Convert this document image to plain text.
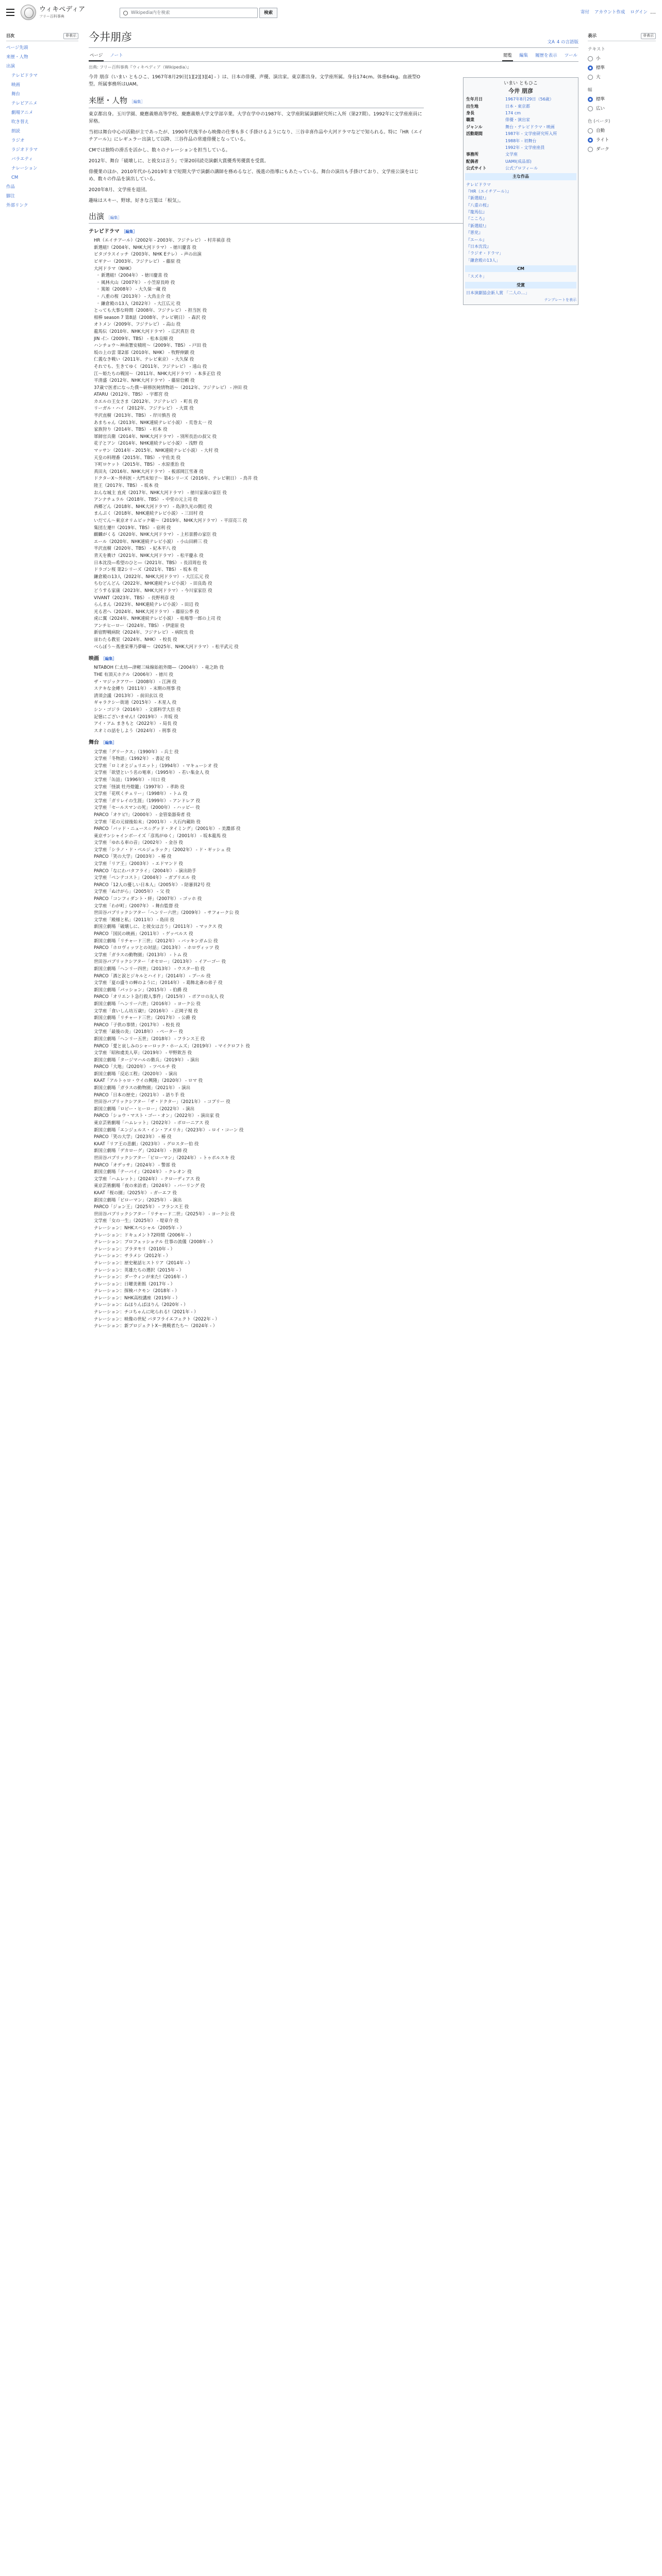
ウィキペディア
フリー百科事典
Wikipedia内を検索	検索	寄付 アカウント作成 ログイン ⋯
目次	非表示
ページ先頭
来歴・人物
出演
テレビドラマ
映画
舞台
テレビアニメ
劇場アニメ
吹き替え
朗読
ラジオ
ラジオドラマ
バラエティ
ナレーション
CM
作品
脚注
外部リンク
表示	非表示
テキスト
小
標準
大
幅
標準
広い
色 (ベータ)
自動
ライト
ダーク
今井朋彦	文A 4 の言語版
ページ ノート	閲覧 編集 履歴を表示 ツール
出典: フリー百科事典『ウィキペディア（Wikipedia）』
いまい ともひこ
今井 朋彦
生年月日	1967年8月29日（56歳）
出生地	日本・東京都
身長	174 cm
職業	俳優・演出家
ジャンル	舞台・テレビドラマ・映画
活動期間	1987年 - 文学座研究所入所
1988年 - 初舞台
1992年 - 文学座座員
事務所	文学座
配偶者	UAMI(成品部)
公式サイト	公式プロフィール
主な作品
テレビドラマ
『HR（エイチアール）』
『新選組!』
『八重の桜』
『龍馬伝』
『こころ』
『新選組!』
『悪党』
『エール』
『日本沈没』
「ラジオ・ドラマ」
「鎌倉殿の13人」
CM
「スズキ」
受賞
日本演劇協会新人賞 「二人の…」
テンプレートを表示

今井 朋彦（いまい ともひこ、1967年8月29日[1][2][3][4] - ）は、日本の俳優、声優、演出家。東京都出身。文学座所属。身長174cm。体重64kg。血液型O型。所属事務所はUAM。

来歴・人物 ［編集］

東京都出身。玉川学園、慶應義塾高等学校、慶應義塾大学文学部卒業。大学在学中の1987年、文学座附属演劇研究所に入所（第27期）。1992年に文学座座員に昇格。

当初は舞台中心の活動が主であったが、1990年代後半から映像の仕事も多く手掛けるようになり、三谷幸喜作品や大河ドラマなどで知られる。特に『HR（エイチアール）』にレギュラー出演して以降、三谷作品の常連俳優となっている。

CMでは独特の滑舌を活かし、数々のナレーションを担当している。

2012年、舞台「破壊しに、と彼女は言う」で第20回読売演劇大賞優秀男優賞を受賞。

俳優業のほか、2010年代から2019年まで短期大学で演劇の講師を務めるなど、後進の指導にもあたっている。舞台の演出も手掛けており、文学座公演をはじめ、数々の作品を演出している。

2020年8月、文学座を退団。

趣味はスキー、野球。好きな言葉は「根気」。

出演 ［編集］
テレビドラマ ［編集］
• HR（エイチアール）（2002年 - 2003年、フジテレビ） - 村井禎彦 役
• 新選組!（2004年、NHK大河ドラマ） - 徳川慶喜 役
• ピタゴラスイッチ（2003年、NHK Eテレ） - 声の出演
• ビギナー（2003年、フジテレビ） - 藤原 役
• 大河ドラマ（NHK）
◦ 新選組!（2004年） - 徳川慶喜 役
◦ 風林火山（2007年） - 小笠原長時 役
◦ 篤姫（2008年） - 大久保一蔵 役
◦ 八重の桜（2013年） - 大鳥圭介 役
◦ 鎌倉殿の13人（2022年） - 大江広元 役
• とっても大事な時間（2008年、フジテレビ） - 担当医 役
• 相棒 season 7 第8話（2008年、テレビ朝日） - 森沢 役
• オトメン（2009年、フジテレビ） - 高山 役
• 龍馬伝（2010年、NHK大河ドラマ） - 広沢真臣 役
• JIN -仁-（2009年、TBS） - 松本良順 役
• ハンチョウ〜神南署安積班〜（2009年、TBS） - 戸田 役
• 坂の上の雲 第2部（2010年、NHK） - 牧野伸顕 役
• 仁義なき戦い（2011年、テレビ東京） - 大久保 役
• それでも、生きてゆく（2011年、フジテレビ） - 遠山 役
• 江〜姫たちの戦国〜（2011年、NHK大河ドラマ） - 本多正信 役
• 平清盛（2012年、NHK大河ドラマ） - 藤原信頼 役
• 37歳で医者になった僕〜研修医純情物語〜（2012年、フジテレビ） - 沖田 役
• ATARU（2012年、TBS） - 宇都宮 役
• カエルの王女さま（2012年、フジテレビ） - 町長 役
• リーガル・ハイ（2012年、フジテレビ） - 大貫 役
• 半沢直樹（2013年、TBS） - 岸川慎吾 役
• あまちゃん（2013年、NHK連続テレビ小説） - 荒巻太一 役
• 家族狩り（2014年、TBS） - 杉本 役
• 軍師官兵衛（2014年、NHK大河ドラマ） - 別所長治の叔父 役
• 花子とアン（2014年、NHK連続テレビ小説） - 浅野 役
• マッサン（2014年 - 2015年、NHK連続テレビ小説） - 大村 役
• 天皇の料理番（2015年、TBS） - 宇佐美 役
• 下町ロケット（2015年、TBS） - 水原重治 役
• 真田丸（2016年、NHK大河ドラマ） - 板部岡江雪斎 役
• ドクターX〜外科医・大門未知子〜 第4シリーズ（2016年、テレビ朝日） - 鳥井 役
• 陸王（2017年、TBS） - 坂本 役
• おんな城主 直虎（2017年、NHK大河ドラマ） - 徳川家康の家臣 役
• アンナチュラル（2018年、TBS） - 中堂の元上司 役
• 西郷どん（2018年、NHK大河ドラマ） - 島津久光の側近 役
• まんぷく（2018年、NHK連続テレビ小説） - 三田村 役
• いだてん〜東京オリムピック噺〜（2019年、NHK大河ドラマ） - 平沼亮三 役
• 集団左遷!!（2019年、TBS） - 宿利 役
• 麒麟がくる（2020年、NHK大河ドラマ） - 上杉景勝の家臣 役
• エール（2020年、NHK連続テレビ小説） - 小山田耕三 役
• 半沢直樹（2020年、TBS） - 紀本平八 役
• 青天を衝け（2021年、NHK大河ドラマ） - 松平慶永 役
• 日本沈没―希望のひと―（2021年、TBS） - 長沼周也 役
• ドラゴン桜 第2シリーズ（2021年、TBS） - 坂本 役
• 鎌倉殿の13人（2022年、NHK大河ドラマ） - 大江広元 役
• ちむどんどん（2022年、NHK連続テレビ小説） - 田良島 役
• どうする家康（2023年、NHK大河ドラマ） - 今川家家臣 役
• VIVANT（2023年、TBS） - 長野利彦 役
• らんまん（2023年、NHK連続テレビ小説） - 田辺 役
• 光る君へ（2024年、NHK大河ドラマ） - 藤原公季 役
• 虎に翼（2024年、NHK連続テレビ小説） - 桂場等一郎の上司 役
• アンチヒーロー（2024年、TBS） - 伊達原 役
• 新宿野戦病院（2024年、フジテレビ） - 病院長 役
• 宙わたる教室（2024年、NHK） - 校長 役
• べらぼう〜蔦重栄華乃夢噺〜（2025年、NHK大河ドラマ） - 松平武元 役
映画 ［編集］
• NITABOH 仁太坊―津軽三味線始祖外聞―（2004年） - 竜之助 役
• THE 有頂天ホテル（2006年） - 徳川 役
• ザ・マジックアワー（2008年） - 江洲 役
• ステキな金縛り（2011年） - 末期の刑事 役
• 清須会議（2013年） - 前田玄以 役
• ギャラクシー街道（2015年） - 木星人 役
• シン・ゴジラ（2016年） - 文部科学大臣 役
• 記憶にございません!（2019年） - 井坂 役
• アイ・アム まきもと（2022年） - 局長 役
• スオミの話をしよう（2024年） - 刑事 役
舞台 ［編集］
• 文学座「グリークス」（1990年） - 兵士 役
• 文学座「冬物語」（1992年） - 書記 役
• 文学座「ロミオとジュリエット」（1994年） - マキューシオ 役
• 文学座「欲望という名の電車」（1995年） - 若い集金人 役
• 文学座「缶詰」（1996年） - 川口 役
• 文学座「怪談 牡丹燈籠」（1997年） - 孝助 役
• 文学座「花咲くチェリー」（1998年） - トム 役
• 文学座「ガリレイの生涯」（1999年） - アンドレア 役
• 文学座「セールスマンの死」（2000年） - ハッピー 役
• PARCO「オケピ!」（2000年） - 金管楽器奏者 役
• 文学座「花の元禄後始末」（2001年） - 大石内蔵助 役
• PARCO「バッド・ニュース☆グッド・タイミング」（2001年） - 美濃部 役
• 東京サンシャインボーイズ「彦馬がゆく」（2001年） - 坂本龍馬 役
• 文学座「ゆれる車の音」（2002年） - 金谷 役
• 文学座「シラノ・ド・ベルジュラック」（2002年） - ド・ギッシュ 役
• PARCO「笑の大学」（2003年） - 椿 役
• 文学座「リア王」（2003年） - エドマンド 役
• PARCO「なにわバタフライ」（2004年） - 演出助手
• 文学座「ペンテコスト」（2004年） - ガブリエル 役
• PARCO「12人の優しい日本人」（2005年） - 陪審員2号 役
• 文学座「ぬけがら」（2005年） - 父 役
• PARCO「コンフィダント・絆」（2007年） - ゴッホ 役
• 文学座「わが町」（2007年） - 舞台監督 役
• 世田谷パブリックシアター「ヘンリー六世」（2009年） - サフォーク公 役
• 文学座「殿様と私」（2011年） - 島田 役
• 新国立劇場「破壊しに、と彼女は言う」（2011年） - マックス 役
• PARCO「国民の映画」（2011年） - ゲッベルス 役
• 新国立劇場「リチャード三世」（2012年） - バッキンガム公 役
• PARCO「ホロヴィッツとの対話」（2013年） - ホロヴィッツ 役
• 文学座「ガラスの動物園」（2013年） - トム 役
• 世田谷パブリックシアター「オセロー」（2013年） - イアーゴー 役
• 新国立劇場「ヘンリー四世」（2013年） - ウスター伯 役
• PARCO「酒と涙とジキルとハイド」（2014年） - プール 役
• 文学座「夏の盛りの蝉のように」（2014年） - 葛飾北斎の弟子 役
• 新国立劇場「パッション」（2015年） - 伯爵 役
• PARCO「オリエント急行殺人事件」（2015年） - ポアロの友人 役
• 新国立劇場「ヘンリー六世」（2016年） - ヨーク公 役
• 文学座「食いしん坊万歳!」（2016年） - 正岡子規 役
• 新国立劇場「リチャード三世」（2017年） - 公爵 役
• PARCO「子供の事情」（2017年） - 校長 役
• 文学座「最後の炎」（2018年） - ペーター 役
• 新国立劇場「ヘンリー五世」（2018年） - フランス王 役
• PARCO「愛と哀しみのシャーロック・ホームズ」（2019年） - マイクロフト 役
• 文学座「昭和虞美人草」（2019年） - 甲野欽吾 役
• 新国立劇場「タージマハルの衛兵」（2019年） - 演出
• PARCO「大地」（2020年） - ツベルチ 役
• 新国立劇場「反応工程」（2020年） - 演出
• KAAT「アルトゥロ・ウイの興隆」（2020年） - ロマ 役
• 新国立劇場「ガラスの動物園」（2021年） - 演出
• PARCO「日本の歴史」（2021年） - 語り手 役
• 世田谷パブリックシアター「ザ・ドクター」（2021年） - コプリー 役
• 新国立劇場「ロビー・ヒーロー」（2022年） - 演出
• PARCO「ショウ・マスト・ゴー・オン」（2022年） - 演出家 役
• 東京芸術劇場「ハムレット」（2022年） - ポローニアス 役
• 新国立劇場「エンジェルス・イン・アメリカ」（2023年） - ロイ・コーン 役
• PARCO「笑の大学」（2023年） - 椿 役
• KAAT「リア王の悲劇」（2023年） - グロスター伯 役
• 新国立劇場「デカローグ」（2024年） - 医師 役
• 世田谷パブリックシアター「ピローマン」（2024年） - トゥポルスキ 役
• PARCO「オデッサ」（2024年） - 警部 役
• 新国立劇場「テーバイ」（2024年） - クレオン 役
• 文学座「ハムレット」（2024年） - クローディアス 役
• 東京芸術劇場「夜の来訪者」（2024年） - バーリング 役
• KAAT「桜の園」（2025年） - ガーエフ 役
• 新国立劇場「ピローマン」（2025年） - 演出
• PARCO「ジョン王」（2025年） - フランス王 役
• 世田谷パブリックシアター「リチャード二世」（2025年） - ヨーク公 役
• 文学座「女の一生」（2025年） - 堤章介 役
• ナレーション：NHKスペシャル（2005年 - ）
• ナレーション：ドキュメント72時間（2006年 - ）
• ナレーション：プロフェッショナル 仕事の流儀（2008年 - ）
• ナレーション：ブラタモリ（2010年 - ）
• ナレーション：サラメシ（2012年 - ）
• ナレーション：歴史秘話ヒストリア（2014年 - ）
• ナレーション：英雄たちの選択（2015年 - ）
• ナレーション：ダーウィンが来た!（2016年 - ）
• ナレーション：日曜美術館（2017年 - ）
• ナレーション：探検バクモン（2018年 - ）
• ナレーション：NHK高校講座（2019年 - ）
• ナレーション：ねほりんぱほりん（2020年 - ）
• ナレーション：チコちゃんに叱られる!（2021年 - ）
• ナレーション：映像の世紀 バタフライエフェクト（2022年 - ）
• ナレーション：新プロジェクトX〜挑戦者たち〜（2024年 - ）
